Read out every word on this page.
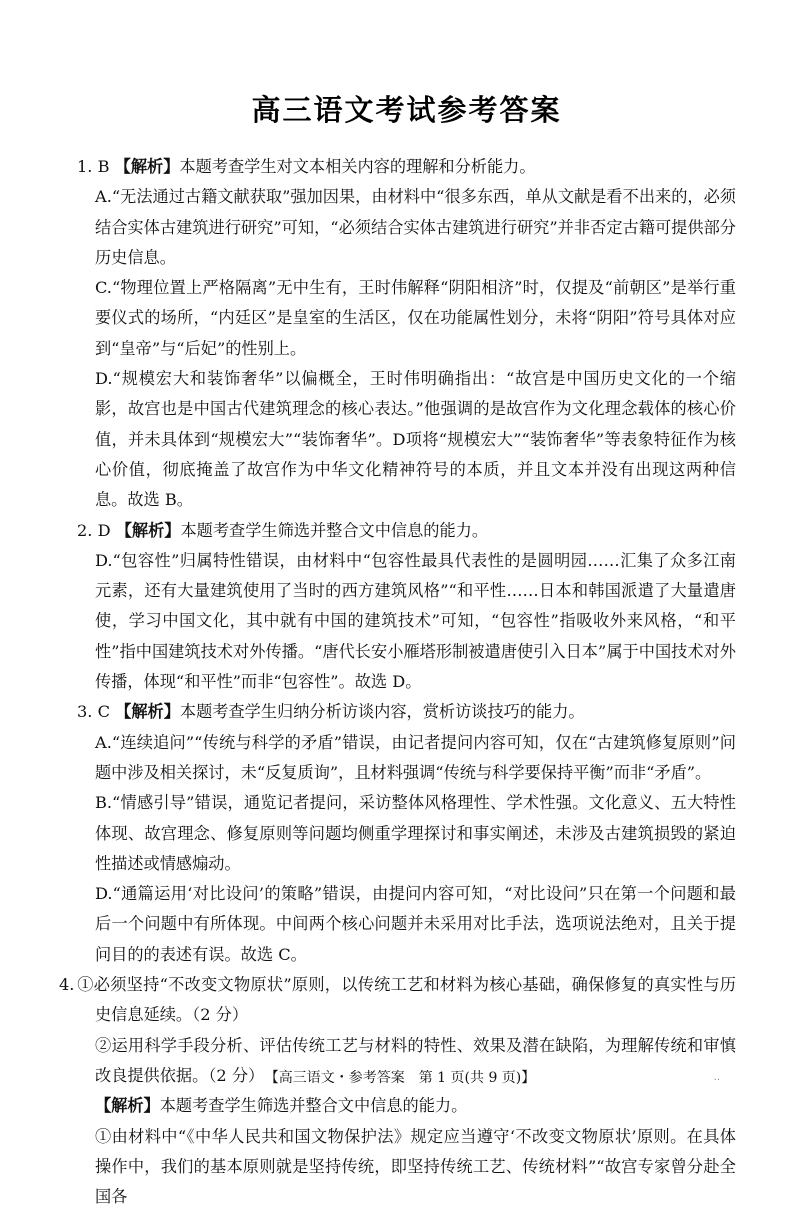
高三语文考试参考答案

1. B 【解析】本题考查学生对文本相关内容的理解和分析能力。

A.“无法通过古籍文献获取”强加因果，由材料中“很多东西，单从文献是看不出来的，必须结合实体古建筑进行研究”可知，“必须结合实体古建筑进行研究”并非否定古籍可提供部分历史信息。

C.“物理位置上严格隔离”无中生有，王时伟解释“阴阳相济”时，仅提及“前朝区”是举行重要仪式的场所，“内廷区”是皇室的生活区，仅在功能属性划分，未将“阴阳”符号具体对应到“皇帝”与“后妃”的性别上。

D.“规模宏大和装饰奢华”以偏概全，王时伟明确指出：“故宫是中国历史文化的一个缩影，故宫也是中国古代建筑理念的核心表达。”他强调的是故宫作为文化理念载体的核心价值，并未具体到“规模宏大”“装饰奢华”。D项将“规模宏大”“装饰奢华”等表象特征作为核心价值，彻底掩盖了故宫作为中华文化精神符号的本质，并且文本并没有出现这两种信息。故选 B。

2. D 【解析】本题考查学生筛选并整合文中信息的能力。

D.“包容性”归属特性错误，由材料中“包容性最具代表性的是圆明园……汇集了众多江南元素，还有大量建筑使用了当时的西方建筑风格”“和平性……日本和韩国派遣了大量遣唐使，学习中国文化，其中就有中国的建筑技术”可知，“包容性”指吸收外来风格，“和平性”指中国建筑技术对外传播。“唐代长安小雁塔形制被遣唐使引入日本”属于中国技术对外传播，体现“和平性”而非“包容性”。故选 D。

3. C 【解析】本题考查学生归纳分析访谈内容，赏析访谈技巧的能力。

A.“连续追问”“传统与科学的矛盾”错误，由记者提问内容可知，仅在“古建筑修复原则”问题中涉及相关探讨，未“反复质询”，且材料强调“传统与科学要保持平衡”而非“矛盾”。

B.“情感引导”错误，通览记者提问，采访整体风格理性、学术性强。文化意义、五大特性体现、故宫理念、修复原则等问题均侧重学理探讨和事实阐述，未涉及古建筑损毁的紧迫性描述或情感煽动。

D.“通篇运用‘对比设问’的策略”错误，由提问内容可知，“对比设问”只在第一个问题和最后一个问题中有所体现。中间两个核心问题并未采用对比手法，选项说法绝对，且关于提问目的的表述有误。故选 C。

4. ①必须坚持“不改变文物原状”原则，以传统工艺和材料为核心基础，确保修复的真实性与历史信息延续。（2 分）

②运用科学手段分析、评估传统工艺与材料的特性、效果及潜在缺陷，为理解传统和审慎改良提供依据。（2 分）

【解析】本题考查学生筛选并整合文中信息的能力。

①由材料中“《中华人民共和国文物保护法》规定应当遵守‘不改变文物原状’原则。在具体操作中，我们的基本原则就是坚持传统，即坚持传统工艺、传统材料”“故宫专家曾分赴全国各

【高三语文・参考答案　第 1 页(共 9 页)】	..
